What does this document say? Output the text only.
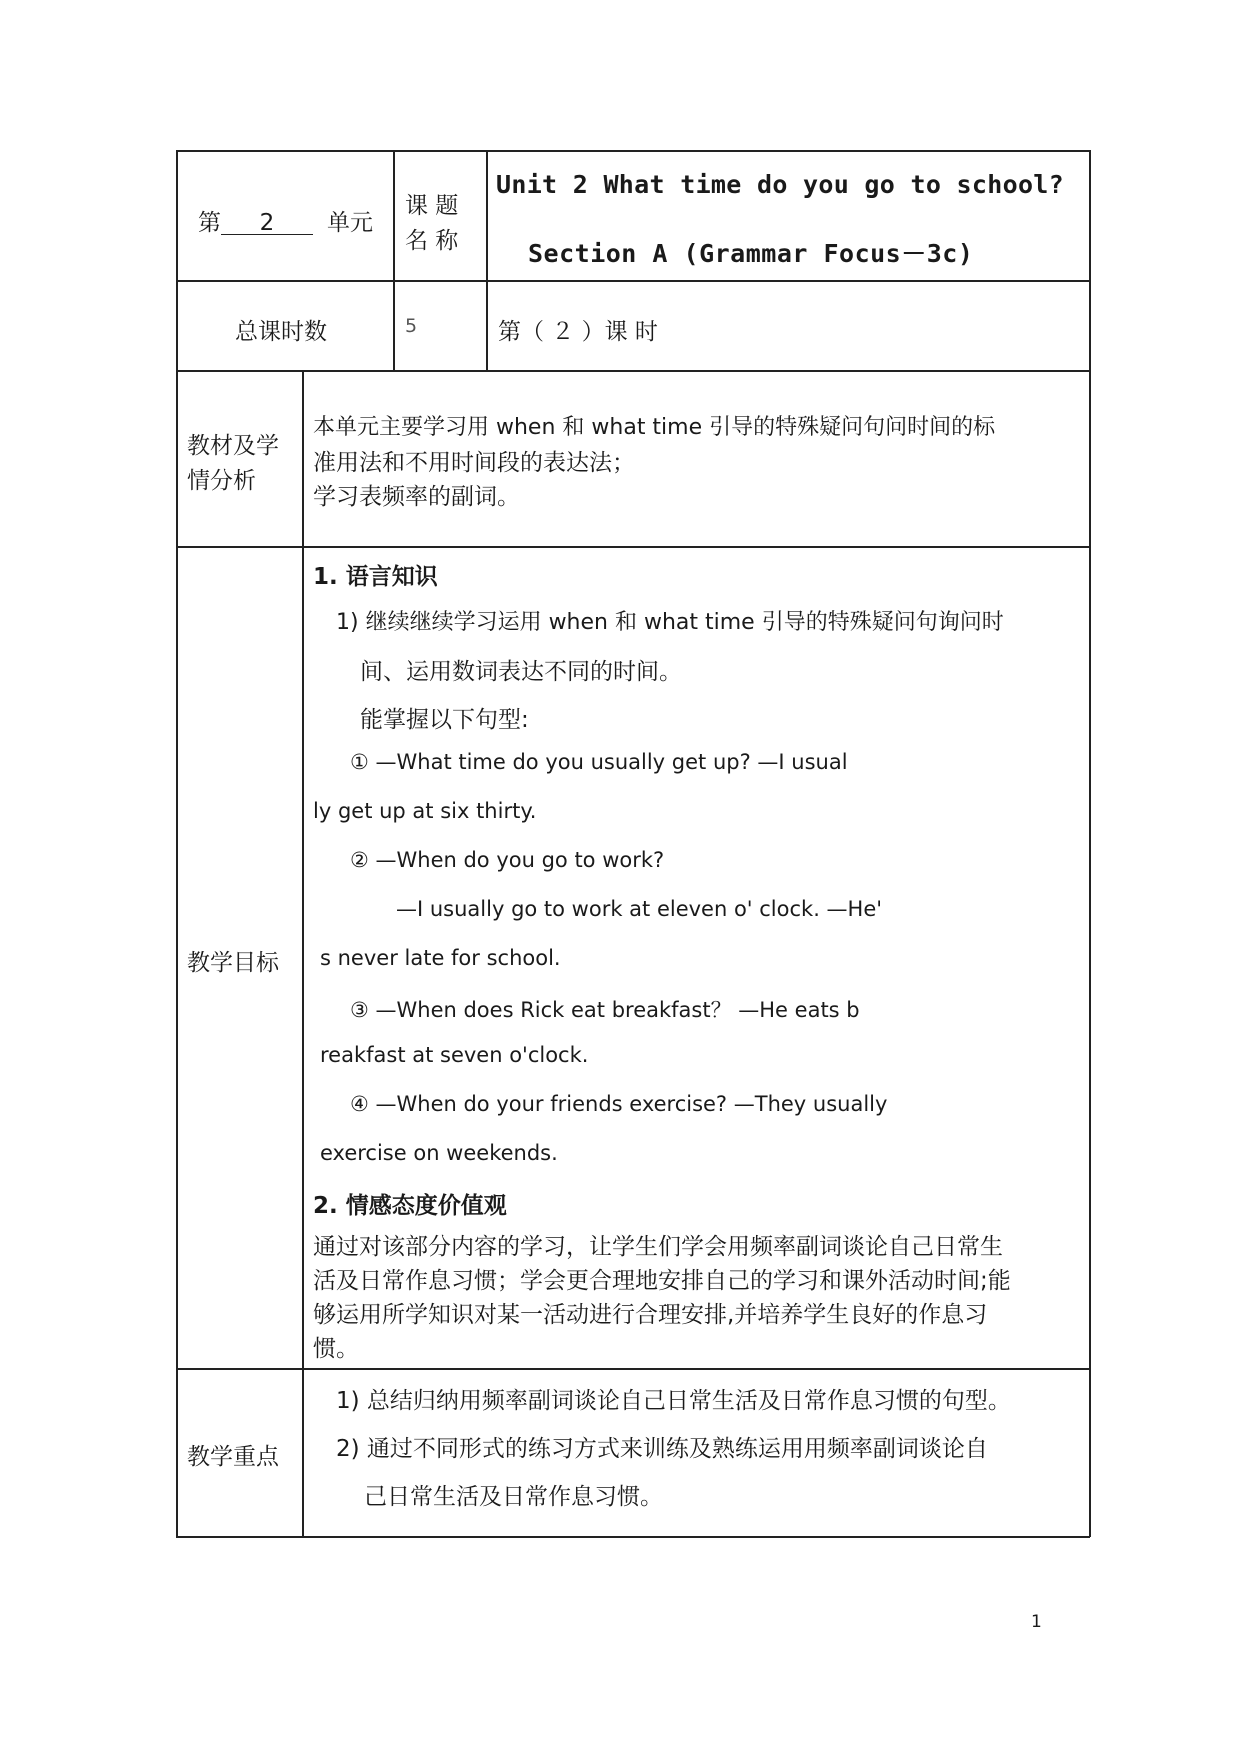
第 2 单元
课 题
名 称
Unit 2 What time do you go to school?
Section A (Grammar Focus－3c)
总课时数	5	第（ ２ ）课 时
教材及学
情分析
本单元主要学习用 when 和 what time 引导的特殊疑问句问时间的标
准用法和不用时间段的表达法；
学习表频率的副词。
教学目标
1. 语言知识
1) 继续继续学习运用 when 和 what time 引导的特殊疑问句询问时
间、运用数词表达不同的时间。
能掌握以下句型:
① —What time do you usually get up? —I usual
ly get up at six thirty.
② —When do you go to work?
—I usually go to work at eleven o' clock. —He'
s never late for school.
③ —When does Rick eat breakfast？ —He eats b
reakfast at seven o'clock.
④ —When do your friends exercise? —They usually
exercise on weekends.
2. 情感态度价值观
通过对该部分内容的学习，让学生们学会用频率副词谈论自己日常生
活及日常作息习惯；学会更合理地安排自己的学习和课外活动时间;能
够运用所学知识对某一活动进行合理安排,并培养学生良好的作息习
惯。
教学重点
1) 总结归纳用频率副词谈论自己日常生活及日常作息习惯的句型。
2) 通过不同形式的练习方式来训练及熟练运用用频率副词谈论自
己日常生活及日常作息习惯。
1
